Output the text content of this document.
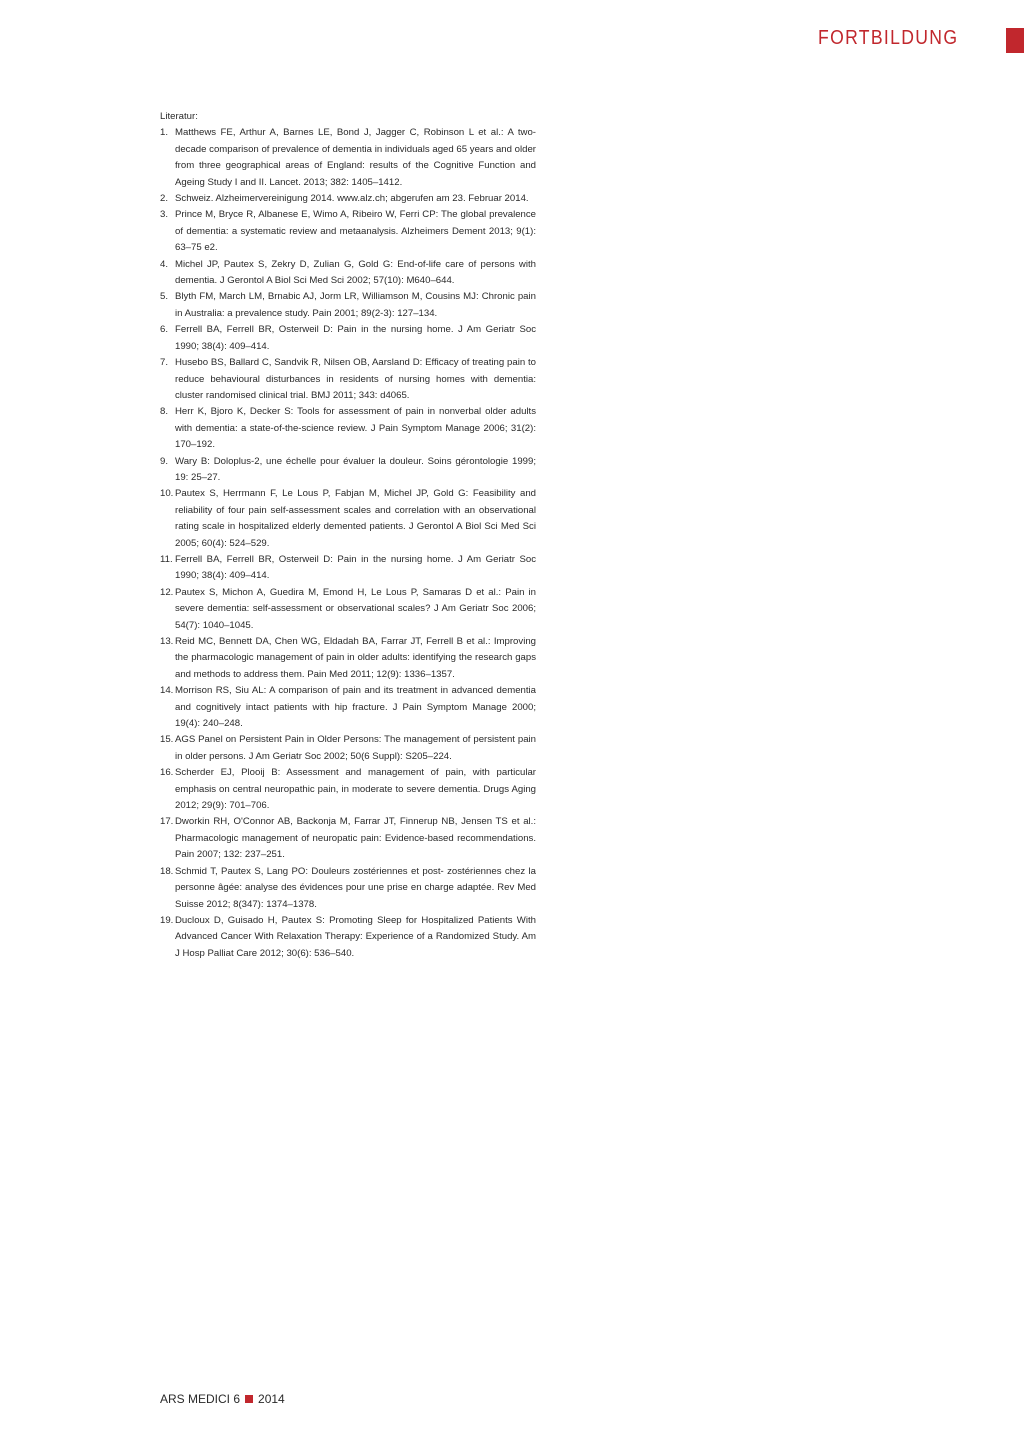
FORTBILDUNG

Literatur:

1. Matthews FE, Arthur A, Barnes LE, Bond J, Jagger C, Robinson L et al.: A two-decade comparison of prevalence of dementia in individuals aged 65 years and older from three geographical areas of England: results of the Cognitive Function and Ageing Study I and II. Lancet. 2013; 382: 1405–1412.
2. Schweiz. Alzheimervereinigung 2014. www.alz.ch; abgerufen am 23. Februar 2014.
3. Prince M, Bryce R, Albanese E, Wimo A, Ribeiro W, Ferri CP: The global prevalence of dementia: a systematic review and metaanalysis. Alzheimers Dement 2013; 9(1): 63–75 e2.
4. Michel JP, Pautex S, Zekry D, Zulian G, Gold G: End-of-life care of persons with dementia. J Gerontol A Biol Sci Med Sci 2002; 57(10): M640–644.
5. Blyth FM, March LM, Brnabic AJ, Jorm LR, Williamson M, Cousins MJ: Chronic pain in Australia: a prevalence study. Pain 2001; 89(2-3): 127–134.
6. Ferrell BA, Ferrell BR, Osterweil D: Pain in the nursing home. J Am Geriatr Soc 1990; 38(4): 409–414.
7. Husebo BS, Ballard C, Sandvik R, Nilsen OB, Aarsland D: Efficacy of treating pain to reduce behavioural disturbances in residents of nursing homes with dementia: cluster randomised clinical trial. BMJ 2011; 343: d4065.
8. Herr K, Bjoro K, Decker S: Tools for assessment of pain in nonverbal older adults with dementia: a state-of-the-science review. J Pain Symptom Manage 2006; 31(2): 170–192.
9. Wary B: Doloplus-2, une échelle pour évaluer la douleur. Soins gérontologie 1999; 19: 25–27.
10. Pautex S, Herrmann F, Le Lous P, Fabjan M, Michel JP, Gold G: Feasibility and reliability of four pain self-assessment scales and correlation with an observational rating scale in hospitalized elderly demented patients. J Gerontol A Biol Sci Med Sci 2005; 60(4): 524–529.
11. Ferrell BA, Ferrell BR, Osterweil D: Pain in the nursing home. J Am Geriatr Soc 1990; 38(4): 409–414.
12. Pautex S, Michon A, Guedira M, Emond H, Le Lous P, Samaras D et al.: Pain in severe dementia: self-assessment or observational scales? J Am Geriatr Soc 2006; 54(7): 1040–1045.
13. Reid MC, Bennett DA, Chen WG, Eldadah BA, Farrar JT, Ferrell B et al.: Improving the pharmacologic management of pain in older adults: identifying the research gaps and methods to address them. Pain Med 2011; 12(9): 1336–1357.
14. Morrison RS, Siu AL: A comparison of pain and its treatment in advanced dementia and cognitively intact patients with hip fracture. J Pain Symptom Manage 2000; 19(4): 240–248.
15. AGS Panel on Persistent Pain in Older Persons: The management of persistent pain in older persons. J Am Geriatr Soc 2002; 50(6 Suppl): S205–224.
16. Scherder EJ, Plooij B: Assessment and management of pain, with particular emphasis on central neuropathic pain, in moderate to severe dementia. Drugs Aging 2012; 29(9): 701–706.
17. Dworkin RH, O'Connor AB, Backonja M, Farrar JT, Finnerup NB, Jensen TS et al.: Pharmacologic management of neuropatic pain: Evidence-based recommendations. Pain 2007; 132: 237–251.
18. Schmid T, Pautex S, Lang PO: Douleurs zostériennes et post- zostériennes chez la personne âgée: analyse des évidences pour une prise en charge adaptée. Rev Med Suisse 2012; 8(347): 1374–1378.
19. Ducloux D, Guisado H, Pautex S: Promoting Sleep for Hospitalized Patients With Advanced Cancer With Relaxation Therapy: Experience of a Randomized Study. Am J Hosp Palliat Care 2012; 30(6): 536–540.
ARS MEDICI 6 2014
